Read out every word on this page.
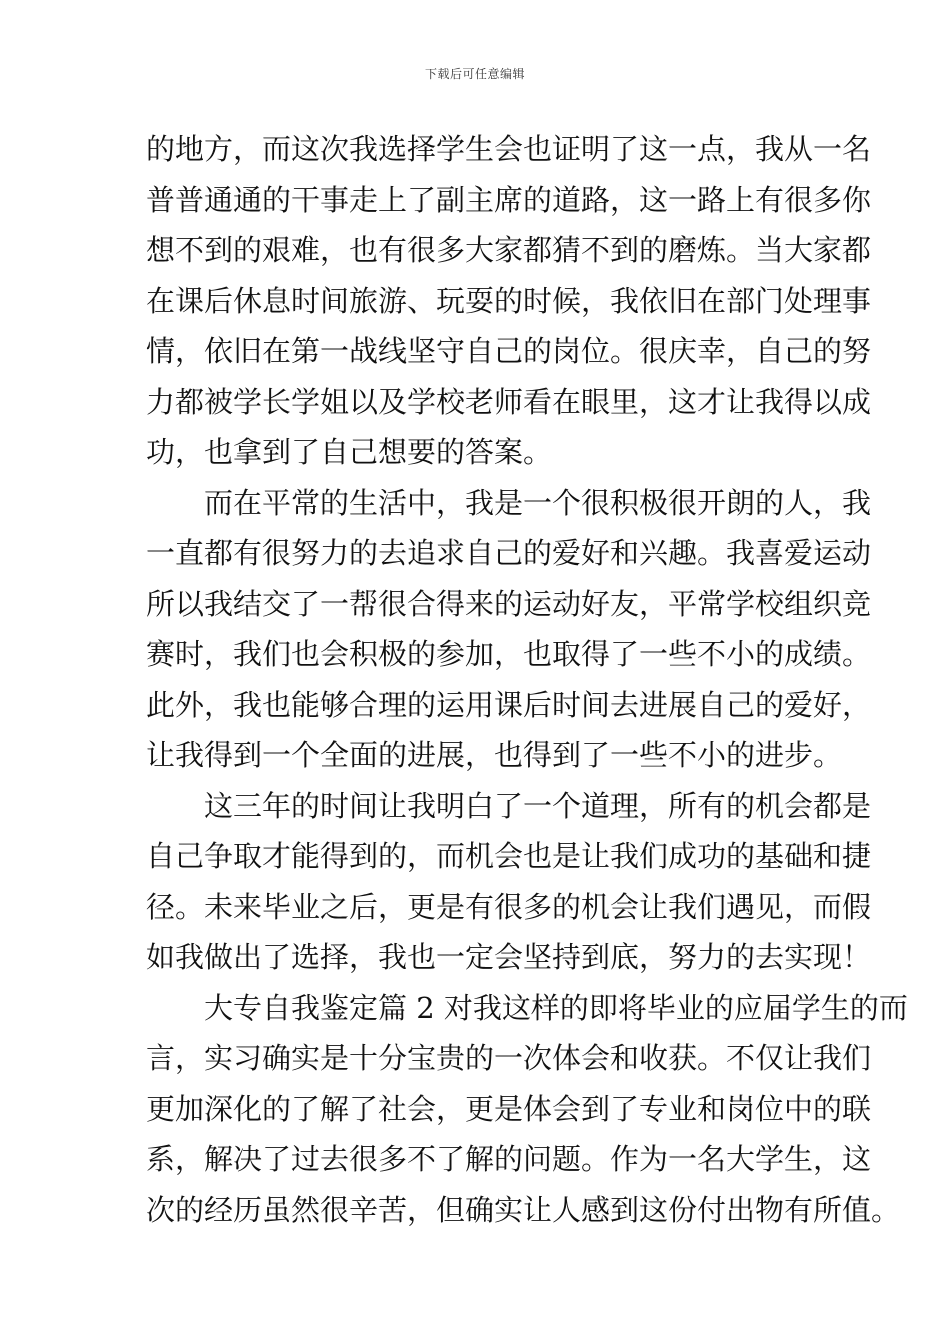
下载后可任意编辑
的地方，而这次我选择学生会也证明了这一点，我从一名
普普通通的干事走上了副主席的道路，这一路上有很多你
想不到的艰难，也有很多大家都猜不到的磨炼。当大家都
在课后休息时间旅游、玩耍的时候，我依旧在部门处理事
情，依旧在第一战线坚守自己的岗位。很庆幸，自己的努
力都被学长学姐以及学校老师看在眼里，这才让我得以成
功，也拿到了自己想要的答案。
而在平常的生活中，我是一个很积极很开朗的人，我
一直都有很努力的去追求自己的爱好和兴趣。我喜爱运动
所以我结交了一帮很合得来的运动好友，平常学校组织竞
赛时，我们也会积极的参加，也取得了一些不小的成绩。
此外，我也能够合理的运用课后时间去进展自己的爱好，
让我得到一个全面的进展，也得到了一些不小的进步。
这三年的时间让我明白了一个道理，所有的机会都是
自己争取才能得到的，而机会也是让我们成功的基础和捷
径。未来毕业之后，更是有很多的机会让我们遇见，而假
如我做出了选择，我也一定会坚持到底，努力的去实现！
大专自我鉴定篇 2 对我这样的即将毕业的应届学生的而
言，实习确实是十分宝贵的一次体会和收获。不仅让我们
更加深化的了解了社会，更是体会到了专业和岗位中的联
系，解决了过去很多不了解的问题。作为一名大学生，这
次的经历虽然很辛苦，但确实让人感到这份付出物有所值。
